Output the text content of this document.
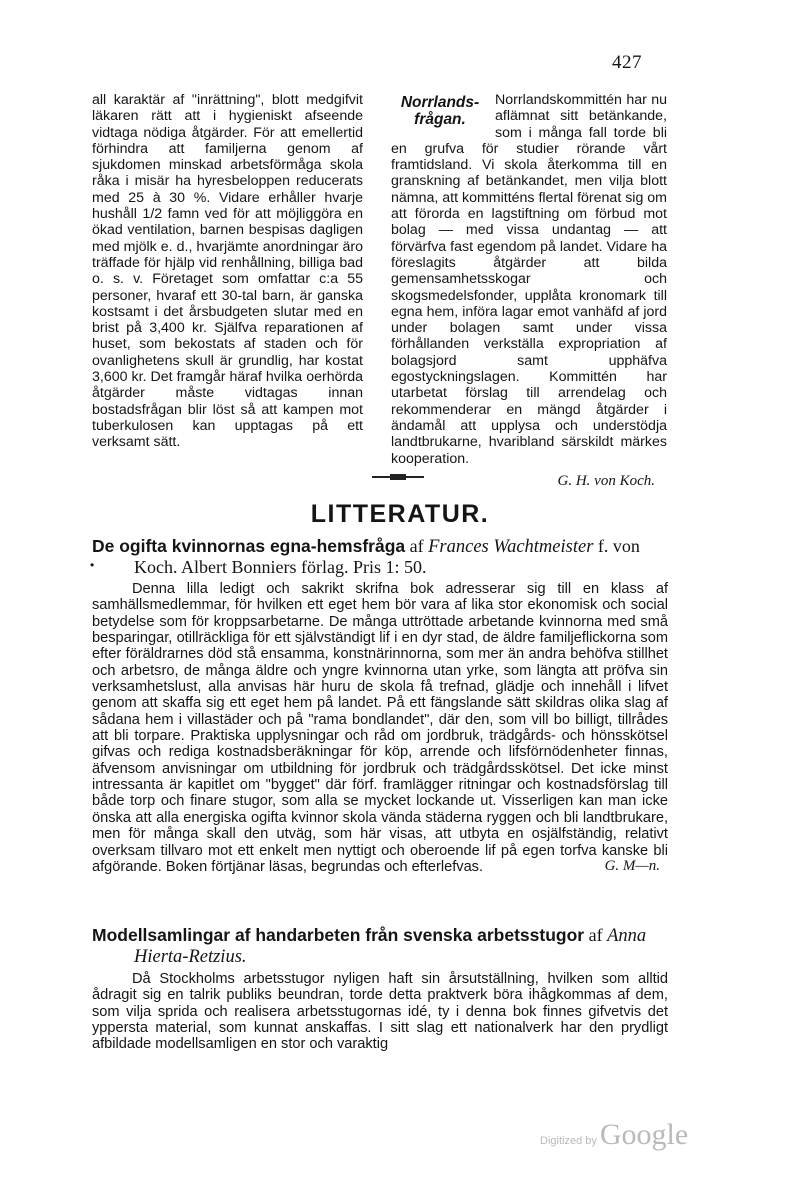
427

all karaktär af "inrättning", blott medgifvit läkaren rätt att i hygieniskt afseende vidtaga nödiga åtgärder. För att emellertid förhindra att familjerna genom af sjukdomen minskad arbetsförmåga skola råka i misär ha hyresbeloppen reducerats med 25 à 30 %. Vidare erhåller hvarje hushåll 1/2 famn ved för att möjliggöra en ökad ventilation, barnen bespisas dagligen med mjölk e. d., hvarjämte anordningar äro träffade för hjälp vid renhållning, billiga bad o. s. v. Företaget som omfattar c:a 55 personer, hvaraf ett 30-tal barn, är ganska kostsamt i det årsbudgeten slutar med en brist på 3,400 kr. Själfva reparationen af huset, som bekostats af staden och för ovanlighetens skull är grundlig, har kostat 3,600 kr. Det framgår häraf hvilka oerhörda åtgärder måste vidtagas innan bostadsfrågan blir löst så att kampen mot tuberkulosen kan upptagas på ett verksamt sätt.

Norrlands-
frågan.

Norrlandskommittén har nu aflämnat sitt betänkande, som i många fall torde bli en grufva för studier rörande vårt framtidsland. Vi skola återkomma till en granskning af betänkandet, men vilja blott nämna, att kommitténs flertal förenat sig om att förorda en lagstiftning om förbud mot bolag — med vissa undantag — att förvärfva fast egendom på landet. Vidare ha föreslagits åtgärder att bilda gemensamhetsskogar och skogsmedelsfonder, upplåta kronomark till egna hem, införa lagar emot vanhäfd af jord under bolagen samt under vissa förhållanden verkställa expropriation af bolagsjord samt upphäfva egostyckningslagen. Kommittén har utarbetat förslag till arrendelag och rekommenderar en mängd åtgärder i ändamål att upplysa och understödja landtbrukarne, hvaribland särskildt märkes kooperation.

G. H. von Koch.
LITTERATUR.
•

De ogifta kvinnornas egna-hemsfråga af Frances Wachtmeister f. von Koch. Albert Bonniers förlag. Pris 1: 50.

Denna lilla ledigt och sakrikt skrifna bok adresserar sig till en klass af samhällsmedlemmar, för hvilken ett eget hem bör vara af lika stor ekonomisk och social betydelse som för kroppsarbetarne. De många uttröttade arbetande kvinnorna med små besparingar, otillräckliga för ett självständigt lif i en dyr stad, de äldre familjeflickorna som efter föräldrarnes död stå ensamma, konstnärinnorna, som mer än andra behöfva stillhet och arbetsro, de många äldre och yngre kvinnorna utan yrke, som längta att pröfva sin verksamhetslust, alla anvisas här huru de skola få trefnad, glädje och innehåll i lifvet genom att skaffa sig ett eget hem på landet. På ett fängslande sätt skildras olika slag af sådana hem i villastäder och på "rama bondlandet", där den, som vill bo billigt, tillrådes att bli torpare. Praktiska upplysningar och råd om jordbruk, trädgårds- och hönsskötsel gifvas och rediga kostnadsberäkningar för köp, arrende och lifsförnödenheter finnas, äfvensom anvisningar om utbildning för jordbruk och trädgårdsskötsel. Det icke minst intressanta är kapitlet om "bygget" där förf. framlägger ritningar och kostnadsförslag till både torp och finare stugor, som alla se mycket lockande ut. Visserligen kan man icke önska att alla energiska ogifta kvinnor skola vända städerna ryggen och bli landtbrukare, men för många skall den utväg, som här visas, att utbyta en osjälfständig, relativt overksam tillvaro mot ett enkelt men nyttigt och oberoende lif på egen torfva kanske bli afgörande. Boken förtjänar läsas, begrundas och efterlefvas.	G. M—n.

Modellsamlingar af handarbeten från svenska arbetsstugor af Anna Hierta-Retzius.

Då Stockholms arbetsstugor nyligen haft sin årsutställning, hvilken som alltid ådragit sig en talrik publiks beundran, torde detta praktverk böra ihågkommas af dem, som vilja sprida och realisera arbetsstugornas idé, ty i denna bok finnes gifvetvis det yppersta material, som kunnat anskaffas. I sitt slag ett nationalverk har den prydligt afbildade modellsamligen en stor och varaktig

Digitized by Google
